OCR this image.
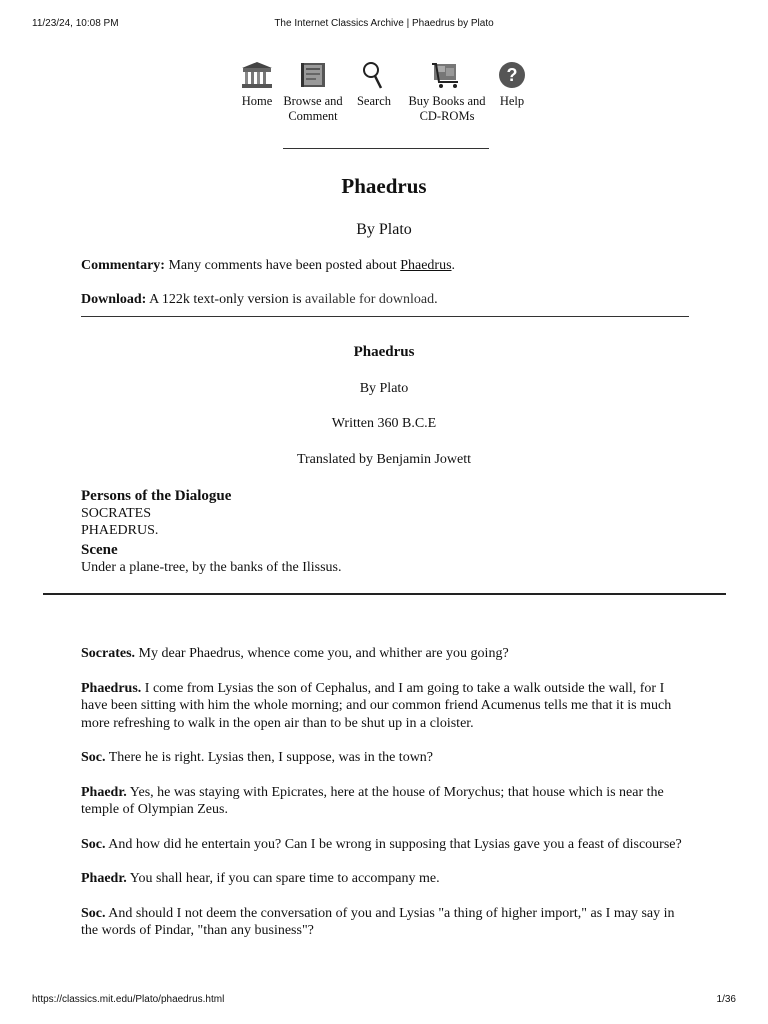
11/23/24, 10:08 PM	The Internet Classics Archive | Phaedrus by Plato
Home Browse and Comment
Search	Buy Books and CD-ROMs
?
Help
Phaedrus
By Plato
Commentary: Many comments have been posted about Phaedrus.
Download: A 122k text-only version is available for download.
Phaedrus
By Plato
Written 360 B.C.E
Translated by Benjamin Jowett
Persons of the Dialogue
SOCRATES
PHAEDRUS.
Scene
Under a plane-tree, by the banks of the Ilissus.

Socrates. My dear Phaedrus, whence come you, and whither are you going?

Phaedrus. I come from Lysias the son of Cephalus, and I am going to take a walk outside the wall, for I have been sitting with him the whole morning; and our common friend Acumenus tells me that it is much more refreshing to walk in the open air than to be shut up in a cloister.

Soc. There he is right. Lysias then, I suppose, was in the town?

Phaedr. Yes, he was staying with Epicrates, here at the house of Morychus; that house which is near the temple of Olympian Zeus.

Soc. And how did he entertain you? Can I be wrong in supposing that Lysias gave you a feast of discourse?

Phaedr. You shall hear, if you can spare time to accompany me.

Soc. And should I not deem the conversation of you and Lysias "a thing of higher import," as I may say in the words of Pindar, "than any business"?

https://classics.mit.edu/Plato/phaedrus.html	1/36
